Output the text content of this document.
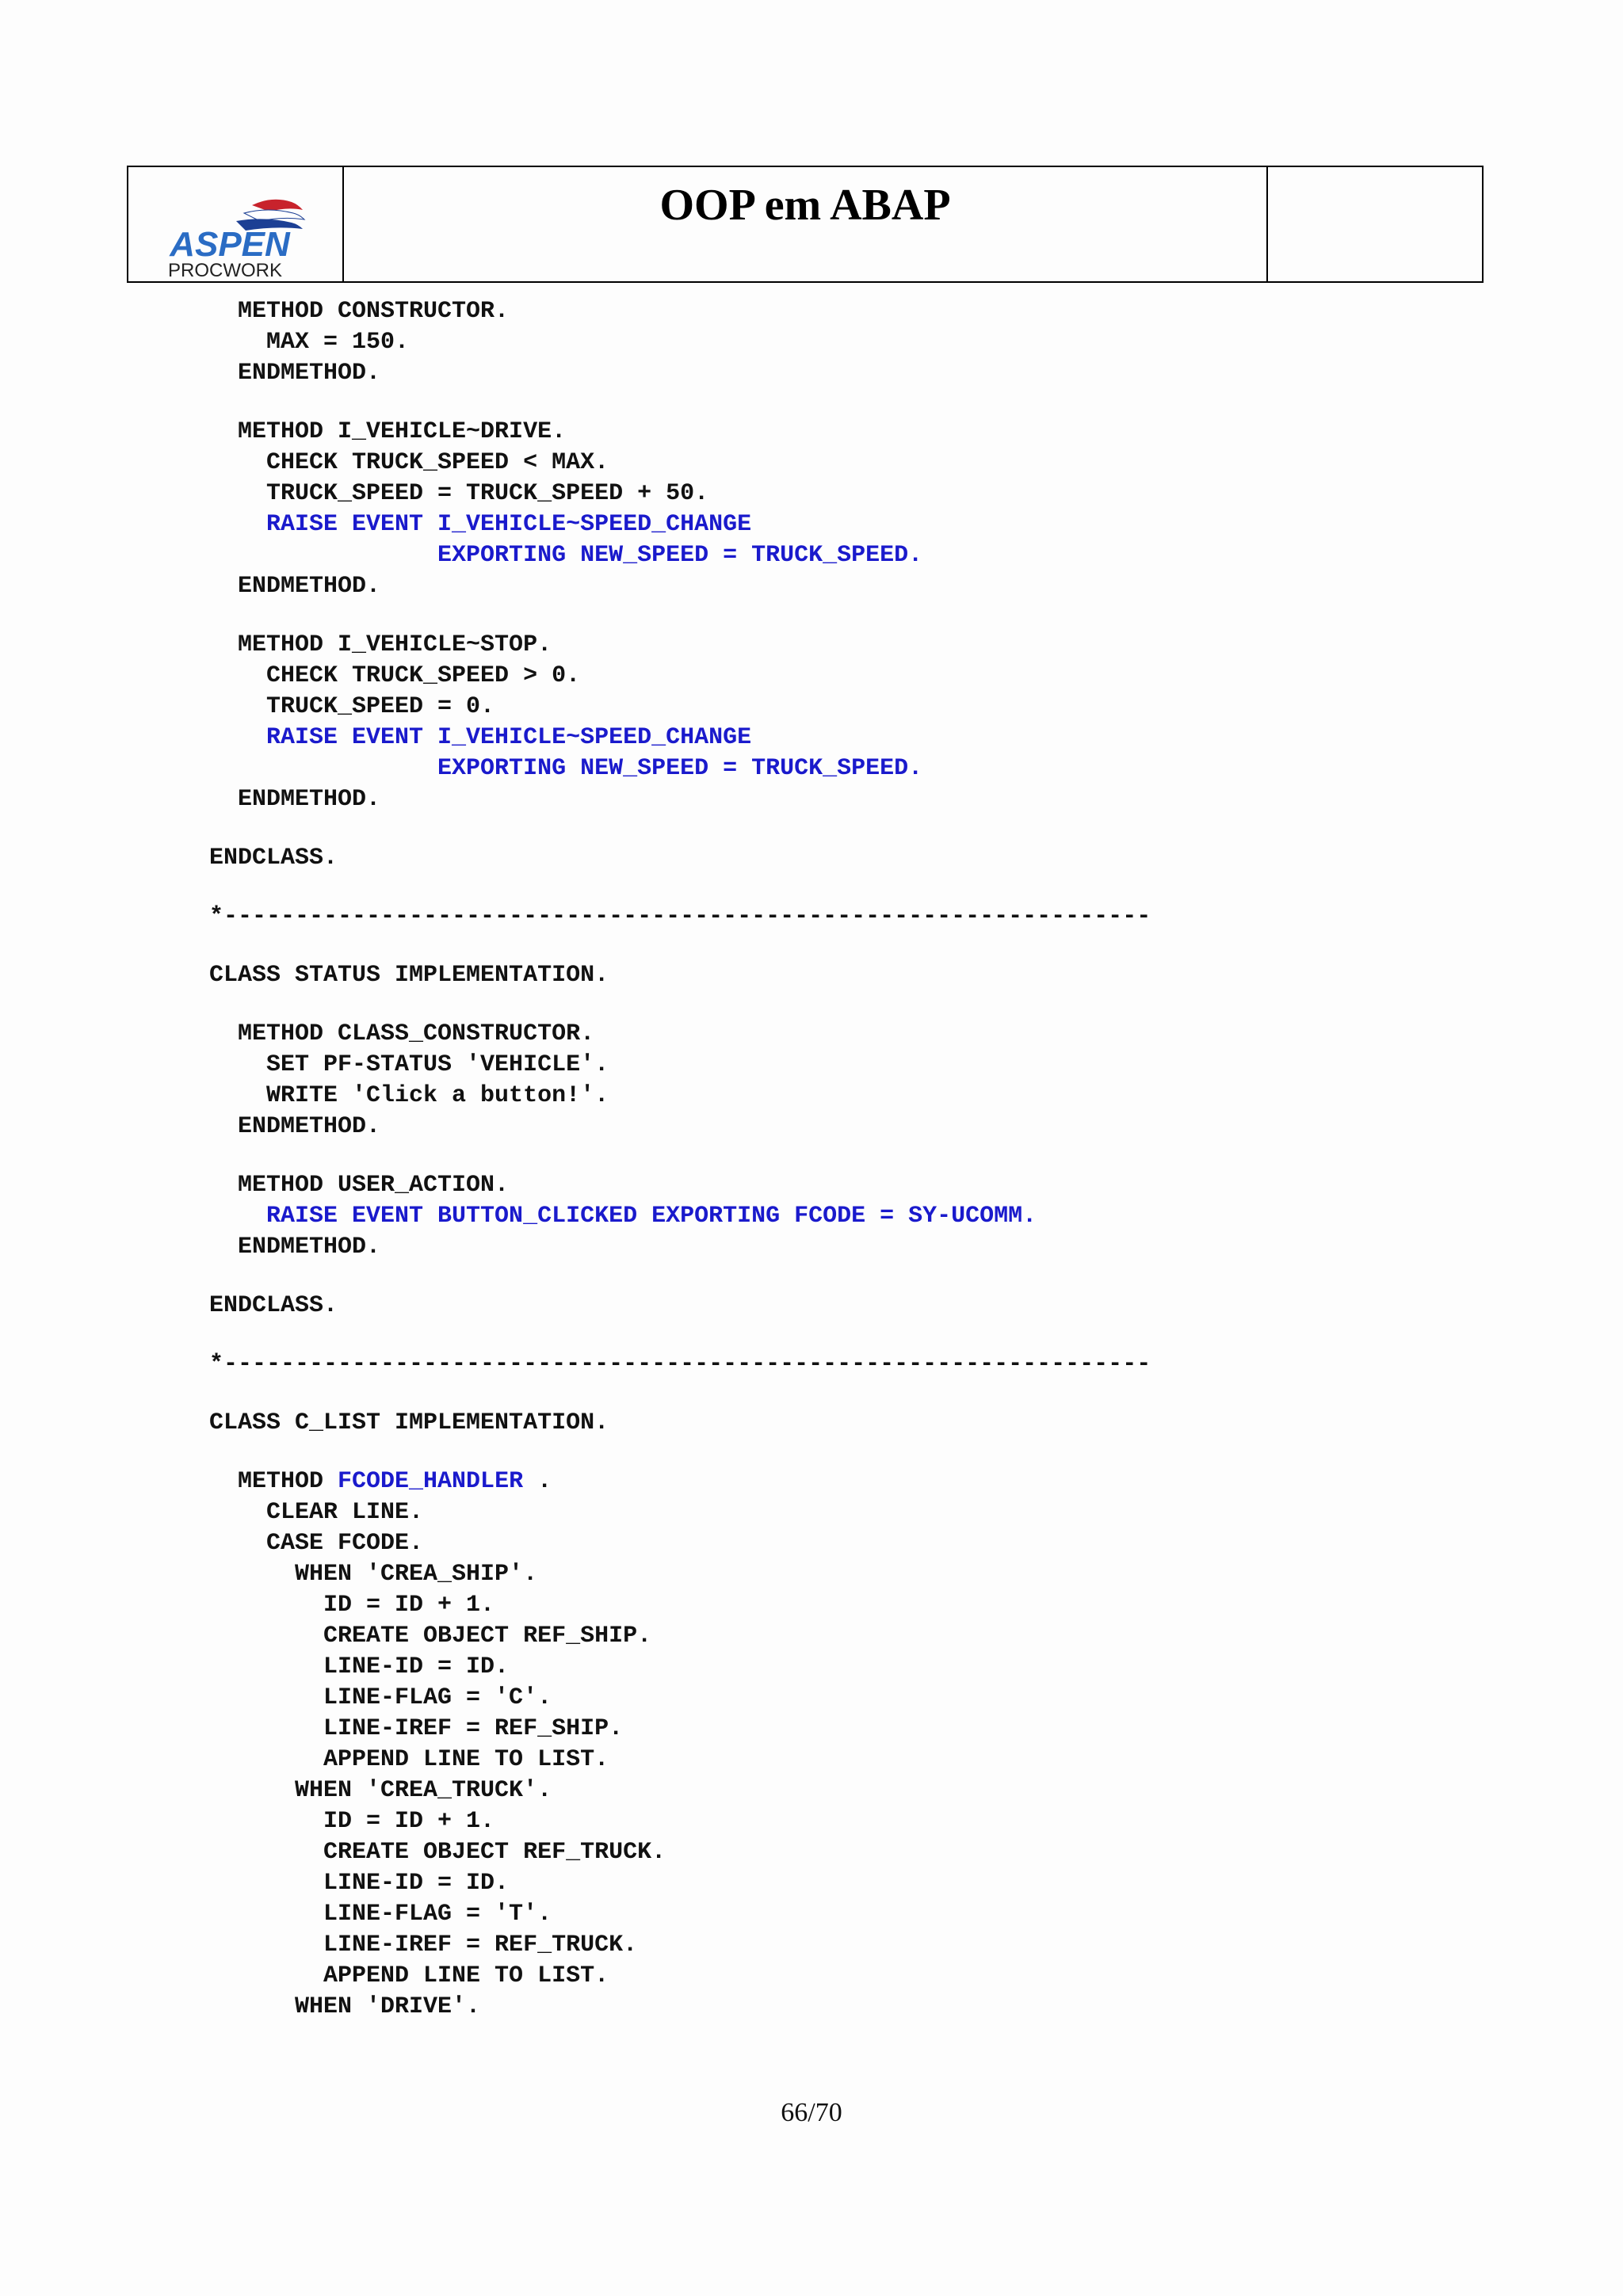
ASPEN
PROCWORK
OOP em ABAP
METHOD CONSTRUCTOR.
MAX = 150.
ENDMETHOD.
METHOD I_VEHICLE~DRIVE.
CHECK TRUCK_SPEED < MAX.
TRUCK_SPEED = TRUCK_SPEED + 50.
RAISE EVENT I_VEHICLE~SPEED_CHANGE
EXPORTING NEW_SPEED = TRUCK_SPEED.
ENDMETHOD.
METHOD I_VEHICLE~STOP.
CHECK TRUCK_SPEED > 0.
TRUCK_SPEED = 0.
RAISE EVENT I_VEHICLE~SPEED_CHANGE
EXPORTING NEW_SPEED = TRUCK_SPEED.
ENDMETHOD.
ENDCLASS.
*-----------------------------------------------------------------
CLASS STATUS IMPLEMENTATION.
METHOD CLASS_CONSTRUCTOR.
SET PF-STATUS 'VEHICLE'.
WRITE 'Click a button!'.
ENDMETHOD.
METHOD USER_ACTION.
RAISE EVENT BUTTON_CLICKED EXPORTING FCODE = SY-UCOMM.
ENDMETHOD.
ENDCLASS.
*-----------------------------------------------------------------
CLASS C_LIST IMPLEMENTATION.
METHOD FCODE_HANDLER .
CLEAR LINE.
CASE FCODE.
WHEN 'CREA_SHIP'.
ID = ID + 1.
CREATE OBJECT REF_SHIP.
LINE-ID = ID.
LINE-FLAG = 'C'.
LINE-IREF = REF_SHIP.
APPEND LINE TO LIST.
WHEN 'CREA_TRUCK'.
ID = ID + 1.
CREATE OBJECT REF_TRUCK.
LINE-ID = ID.
LINE-FLAG = 'T'.
LINE-IREF = REF_TRUCK.
APPEND LINE TO LIST.
WHEN 'DRIVE'.
66/70
